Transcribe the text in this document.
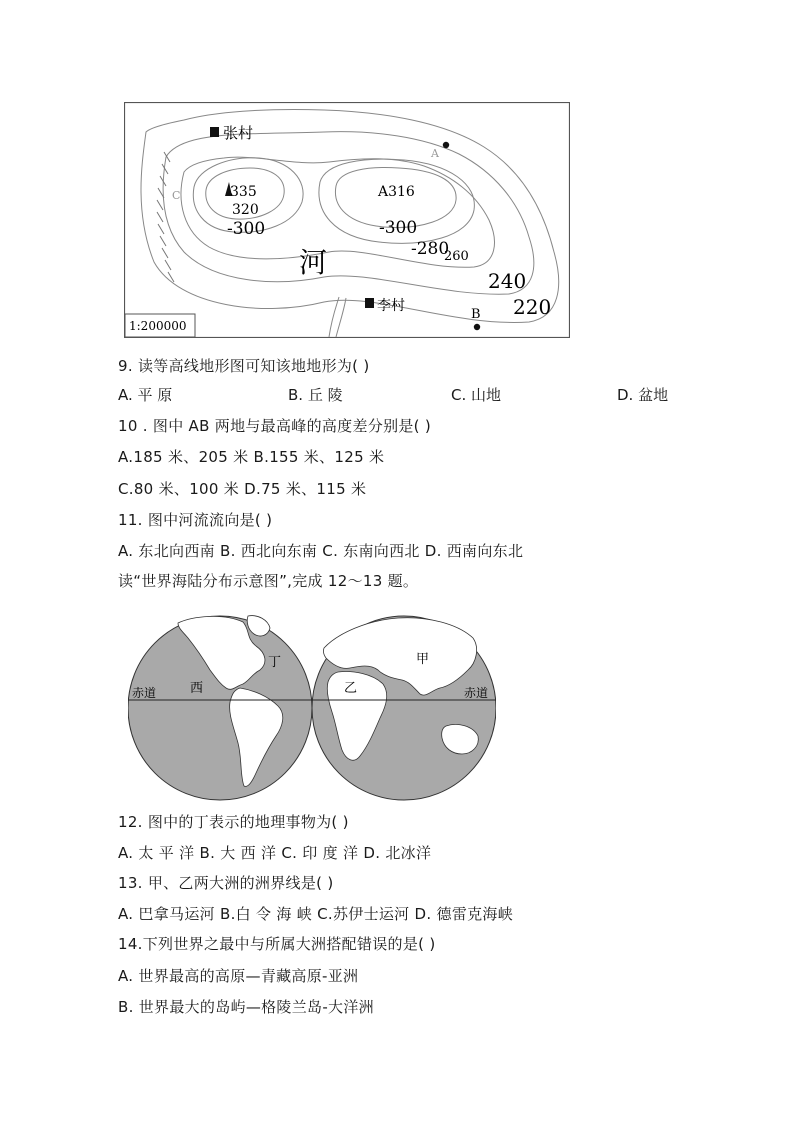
张村
李村
河
335	A316
A
B
C
320
-300	-300
-280
260
240
220
1:200000
9. 读等高线地形图可知该地地形为( )
A. 平 原	B. 丘 陵	C. 山地	D. 盆地
10 . 图中 AB 两地与最高峰的高度差分别是( )
A.185 米、205 米 B.155 米、125 米
C.80 米、100 米 D.75 米、115 米
11. 图中河流流向是( )
A. 东北向西南 B. 西北向东南 C. 东南向西北 D. 西南向东北
读“世界海陆分布示意图”,完成 12～13 题。
丁
西
甲
乙
赤道	赤道
12. 图中的丁表示的地理事物为( )
A. 太 平 洋 B. 大 西 洋 C. 印 度 洋 D. 北冰洋
13. 甲、乙两大洲的洲界线是( )
A. 巴拿马运河 B.白 令 海 峡 C.苏伊士运河 D. 德雷克海峡
14.下列世界之最中与所属大洲搭配错误的是( )
A. 世界最高的高原—青藏高原-亚洲
B. 世界最大的岛屿—格陵兰岛-大洋洲
